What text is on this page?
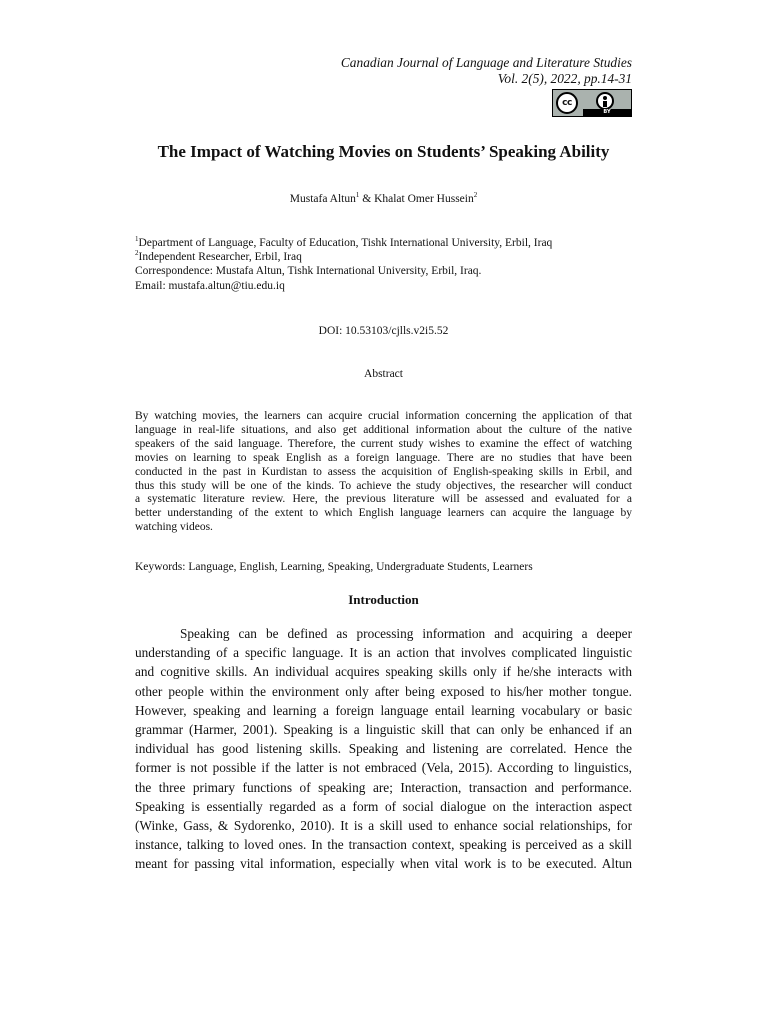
Canadian Journal of Language and Literature Studies
Vol. 2(5), 2022, pp.14-31
cc
BY
The Impact of Watching Movies on Students’ Speaking Ability
Mustafa Altun$^1$ & Khalat Omer Hussein$^2$
$^1$Department of Language, Faculty of Education, Tishk International University, Erbil, Iraq
$^2$Independent Researcher, Erbil, Iraq
Correspondence: Mustafa Altun, Tishk International University, Erbil, Iraq.
Email: mustafa.altun@tiu.edu.iq
DOI: 10.53103/cjlls.v2i5.52
Abstract
By watching movies, the learners can acquire crucial information concerning the application of that
language in real-life situations, and also get additional information about the culture of the native
speakers of the said language. Therefore, the current study wishes to examine the effect of watching
movies on learning to speak English as a foreign language. There are no studies that have been
conducted in the past in Kurdistan to assess the acquisition of English-speaking skills in Erbil, and
thus this study will be one of the kinds. To achieve the study objectives, the researcher will conduct
a systematic literature review. Here, the previous literature will be assessed and evaluated for a
better understanding of the extent to which English language learners can acquire the language by
watching videos.
Keywords: Language, English, Learning, Speaking, Undergraduate Students, Learners
Introduction
Speaking can be defined as processing information and acquiring a deeper
understanding of a specific language. It is an action that involves complicated linguistic
and cognitive skills. An individual acquires speaking skills only if he/she interacts with
other people within the environment only after being exposed to his/her mother tongue.
However, speaking and learning a foreign language entail learning vocabulary or basic
grammar (Harmer, 2001). Speaking is a linguistic skill that can only be enhanced if an
individual has good listening skills. Speaking and listening are correlated. Hence the
former is not possible if the latter is not embraced (Vela, 2015). According to linguistics,
the three primary functions of speaking are; Interaction, transaction and performance.
Speaking is essentially regarded as a form of social dialogue on the interaction aspect
(Winke, Gass, & Sydorenko, 2010). It is a skill used to enhance social relationships, for
instance, talking to loved ones. In the transaction context, speaking is perceived as a skill
meant for passing vital information, especially when vital work is to be executed. Altun
